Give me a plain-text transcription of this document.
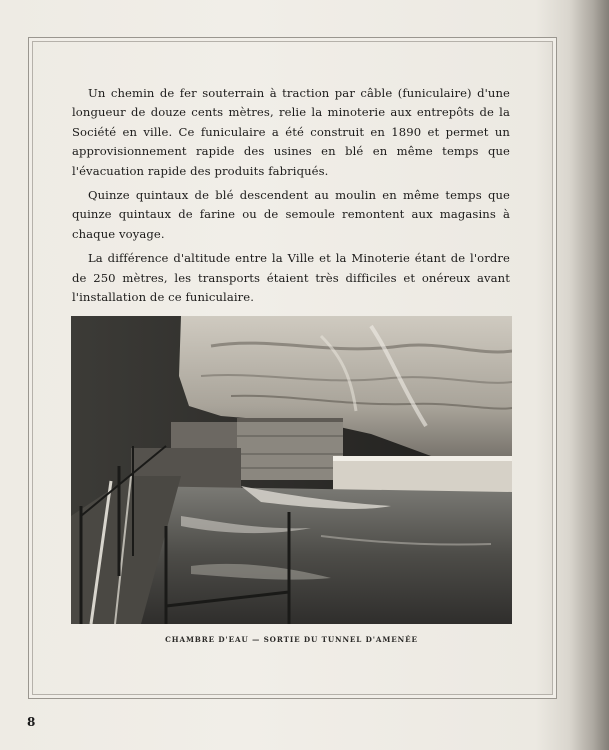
Un chemin de fer souterrain à traction par câble (funiculaire) d'une longueur de douze cents mètres, relie la minoterie aux entrepôts de la Société en ville. Ce funiculaire a été construit en 1890 et permet un approvisionnement rapide des usines en blé en même temps que l'évacuation rapide des produits fabriqués.

Quinze quintaux de blé descendent au moulin en même temps que quinze quintaux de farine ou de semoule remontent aux magasins à chaque voyage.

La différence d'altitude entre la Ville et la Minoterie étant de l'ordre de 250 mètres, les transports étaient très difficiles et onéreux avant l'installation de ce funiculaire.

CHAMBRE D'EAU — SORTIE DU TUNNEL D'AMENÉE
8
